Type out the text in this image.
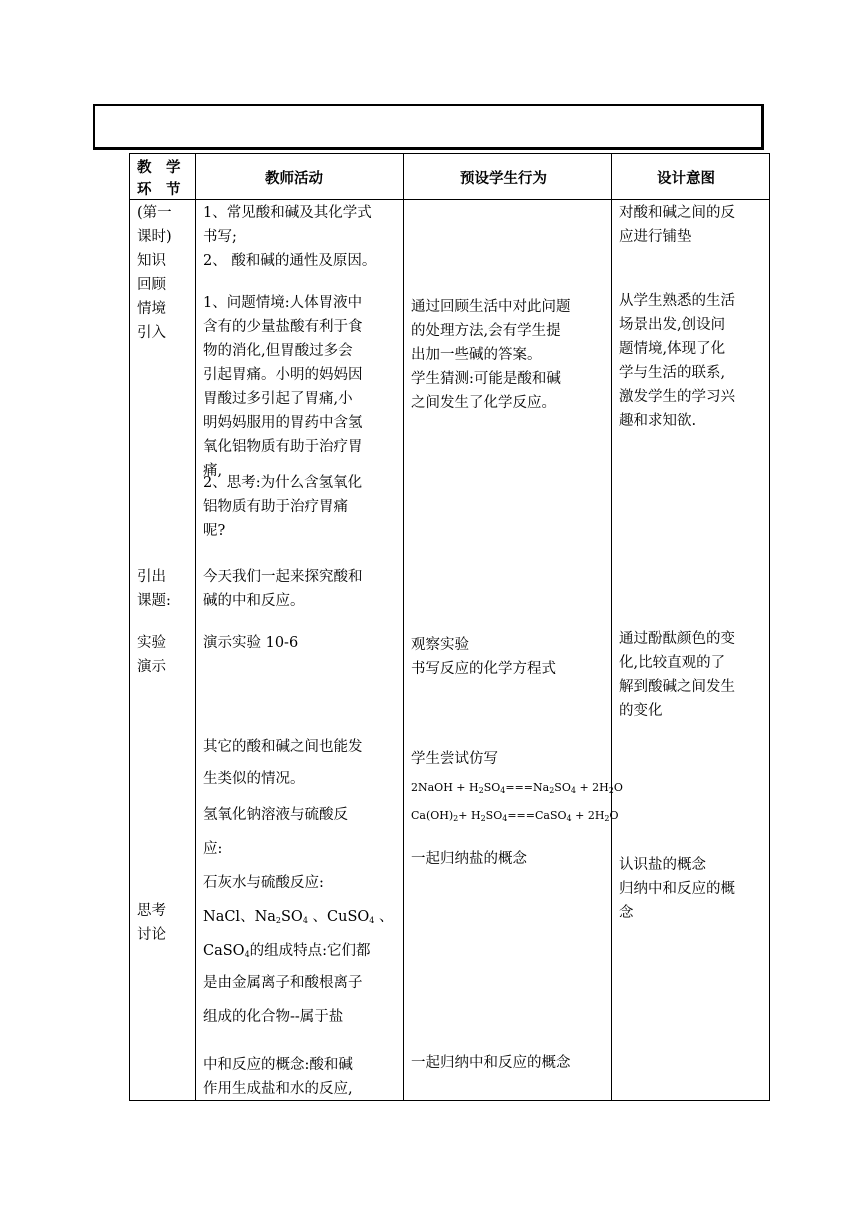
教　学
环　节
教师活动	预设学生行为	设计意图
(第一
课时)
知识
回顾
情境
引入
引出
课题:
实验
演示
思考
讨论
1、常见酸和碱及其化学式
书写;
2、 酸和碱的通性及原因。
1、问题情境:人体胃液中
含有的少量盐酸有利于食
物的消化,但胃酸过多会
引起胃痛。小明的妈妈因
胃酸过多引起了胃痛,小
明妈妈服用的胃药中含氢
氧化铝物质有助于治疗胃
痛,
2、思考:为什么含氢氧化
铝物质有助于治疗胃痛
呢?
今天我们一起来探究酸和
碱的中和反应。
演示实验 10-6
其它的酸和碱之间也能发
生类似的情况。
氢氧化钠溶液与硫酸反
应:
石灰水与硫酸反应:
NaCl、$Na_2SO_4$ 、CuSO$_4$ 、
CaSO$_4$的组成特点:它们都
是由金属离子和酸根离子
组成的化合物--属于盐
中和反应的概念:酸和碱
作用生成盐和水的反应,
通过回顾生活中对此问题
的处理方法,会有学生提
出加一些碱的答案。
学生猜测:可能是酸和碱
之间发生了化学反应。
观察实验
书写反应的化学方程式
学生尝试仿写
2NaOH + $H_2SO_4===Na_2SO_4 + 2H_2O$
$Ca(OH)_2+$ $H_2SO_4===CaSO_4 + 2H_2O$
一起归纳盐的概念
一起归纳中和反应的概念
对酸和碱之间的反
应进行铺垫
从学生熟悉的生活
场景出发,创设问
题情境,体现了化
学与生活的联系,
激发学生的学习兴
趣和求知欲.
通过酚酞颜色的变
化,比较直观的了
解到酸碱之间发生
的变化
认识盐的概念
归纳中和反应的概
念
